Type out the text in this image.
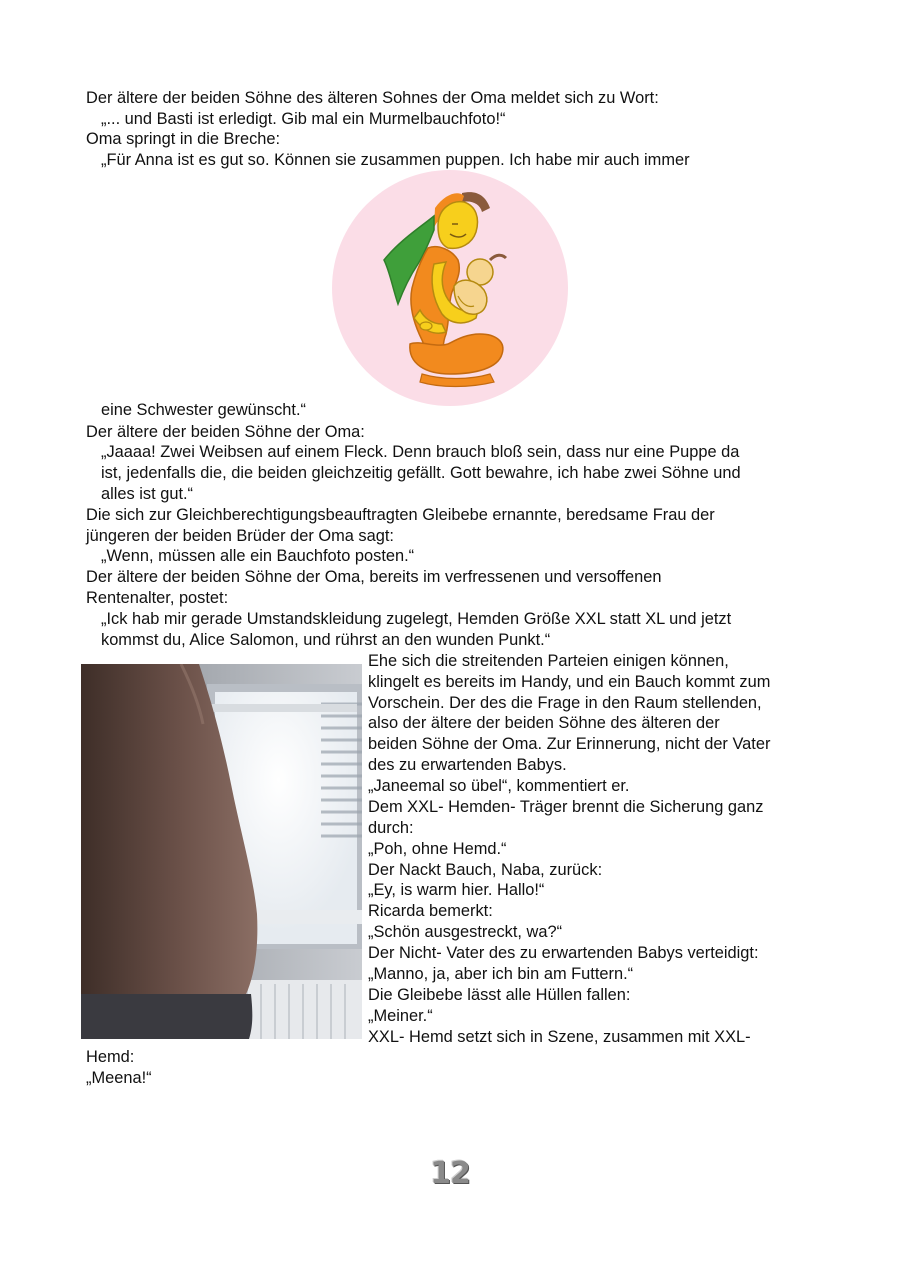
Der ältere der beiden Söhne des älteren Sohnes der Oma meldet sich zu Wort:
„... und Basti ist erledigt. Gib mal ein Murmelbauchfoto!“
Oma springt in die Breche:
„Für Anna ist es gut so. Können sie zusammen puppen. Ich habe mir auch immer
eine Schwester gewünscht.“
Der ältere der beiden Söhne der Oma:
„Jaaaa! Zwei Weibsen auf einem Fleck. Denn brauch bloß sein, dass nur eine Puppe da
ist, jedenfalls die, die beiden gleichzeitig gefällt. Gott bewahre, ich habe zwei Söhne und
alles ist gut.“
Die sich zur Gleichberechtigungsbeauftragten Gleibebe ernannte, beredsame Frau der
jüngeren der beiden Brüder der Oma sagt:
„Wenn, müssen alle ein Bauchfoto posten.“
Der ältere der beiden Söhne der Oma, bereits im verfressenen und versoffenen
Rentenalter, postet:
„Ick hab mir gerade Umstandskleidung zugelegt, Hemden Größe XXL statt XL und jetzt
kommst du, Alice Salomon, und rührst an den wunden Punkt.“
Ehe sich die streitenden Parteien einigen können,
klingelt es bereits im Handy, und ein Bauch kommt zum
Vorschein. Der des die Frage in den Raum stellenden,
also der ältere der beiden Söhne des älteren der
beiden Söhne der Oma. Zur Erinnerung, nicht der Vater
des zu erwartenden Babys.
„Janeemal so übel“, kommentiert er.
Dem XXL- Hemden- Träger brennt die Sicherung ganz
durch:
„Poh, ohne Hemd.“
Der Nackt Bauch, Naba, zurück:
„Ey, is warm hier. Hallo!“
Ricarda bemerkt:
„Schön ausgestreckt, wa?“
Der Nicht- Vater des zu erwartenden Babys verteidigt:
„Manno, ja, aber ich bin am Futtern.“
Die Gleibebe lässt alle Hüllen fallen:
„Meiner.“
XXL- Hemd setzt sich in Szene, zusammen mit XXL-
Hemd:
„Meena!“
12
